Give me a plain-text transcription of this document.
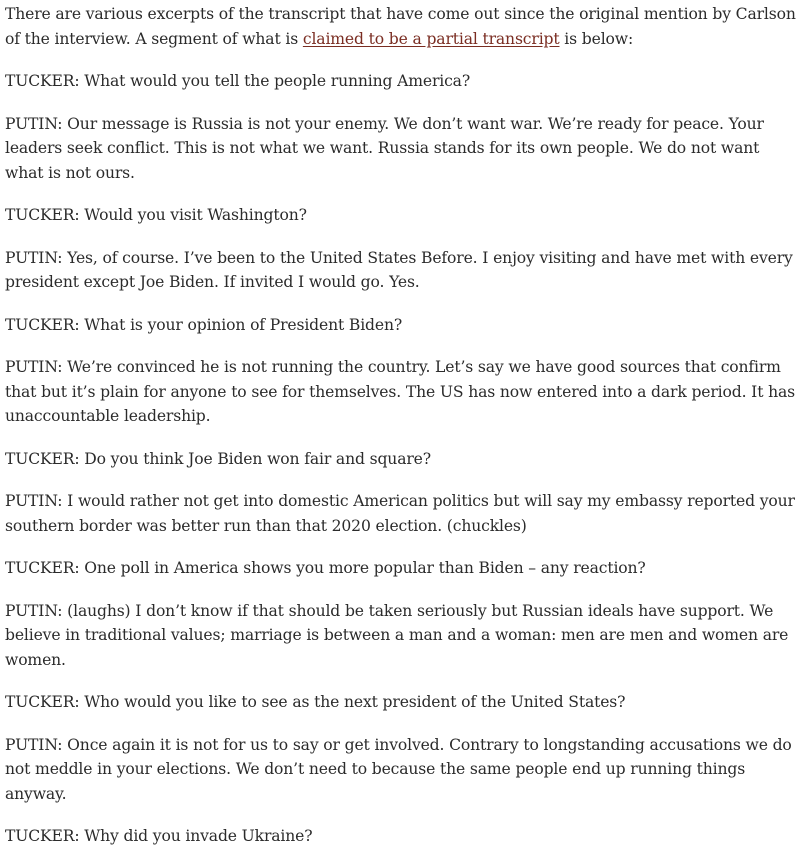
There are various excerpts of the transcript that have come out since the original mention by Carlson of the interview. A segment of what is claimed to be a partial transcript is below:

TUCKER: What would you tell the people running America?

PUTIN: Our message is Russia is not your enemy. We don’t want war. We’re ready for peace. Your leaders seek conflict. This is not what we want. Russia stands for its own people. We do not want what is not ours.

TUCKER: Would you visit Washington?

PUTIN: Yes, of course. I’ve been to the United States Before. I enjoy visiting and have met with every president except Joe Biden. If invited I would go. Yes.

TUCKER: What is your opinion of President Biden?

PUTIN: We’re convinced he is not running the country. Let’s say we have good sources that confirm that but it’s plain for anyone to see for themselves. The US has now entered into a dark period. It has unaccountable leadership.

TUCKER: Do you think Joe Biden won fair and square?

PUTIN: I would rather not get into domestic American politics but will say my embassy reported your southern border was better run than that 2020 election. (chuckles)

TUCKER: One poll in America shows you more popular than Biden – any reaction?

PUTIN: (laughs) I don’t know if that should be taken seriously but Russian ideals have support. We believe in traditional values; marriage is between a man and a woman: men are men and women are women.

TUCKER: Who would you like to see as the next president of the United States?

PUTIN: Once again it is not for us to say or get involved. Contrary to longstanding accusations we do not meddle in your elections. We don’t need to because the same people end up running things anyway.

TUCKER: Why did you invade Ukraine?
